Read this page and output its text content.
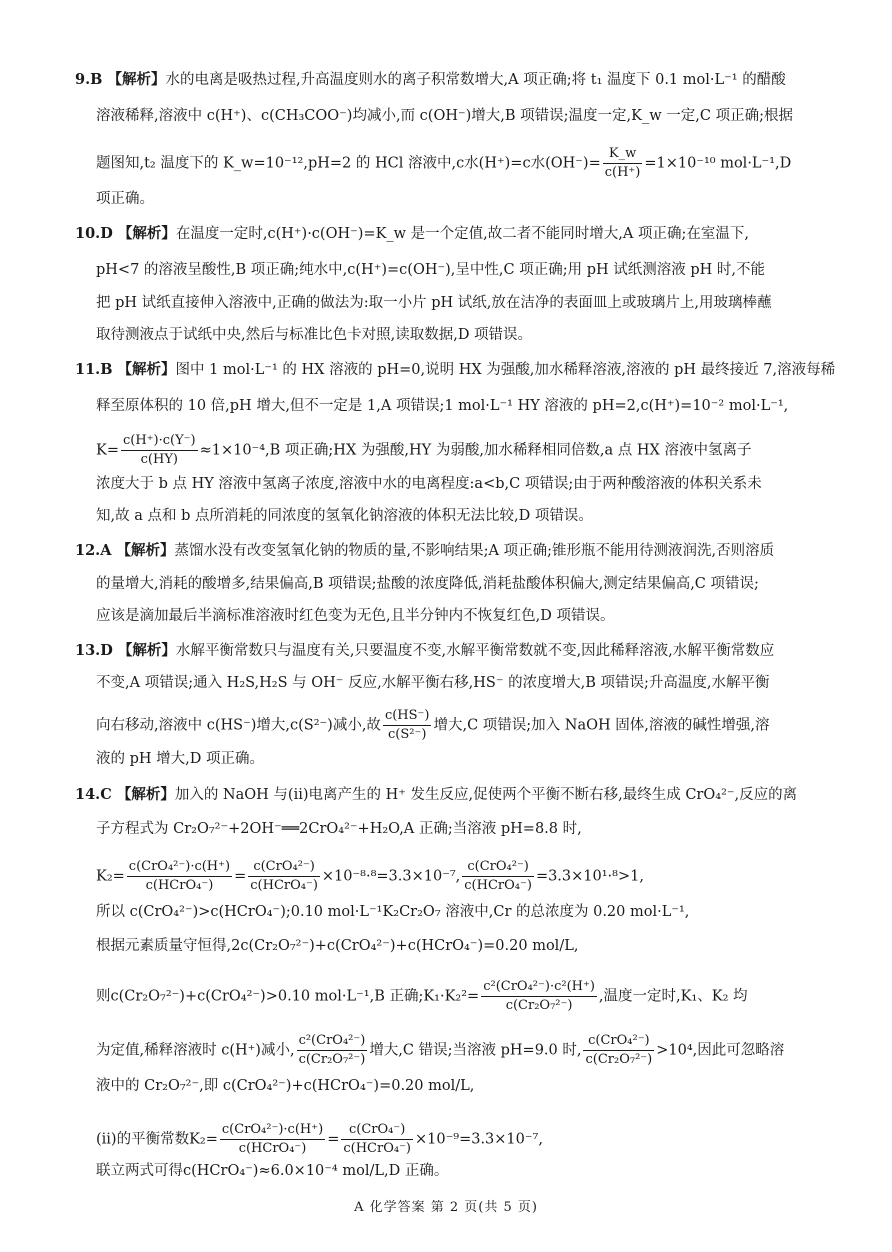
9.B 【解析】水的电离是吸热过程,升高温度则水的离子积常数增大,A 项正确;将 t₁ 温度下 0.1 mol·L⁻¹ 的醋酸
溶液稀释,溶液中 c(H⁺)、c(CH₃COO⁻)均减小,而 c(OH⁻)增大,B 项错误;温度一定,K_w 一定,C 项正确;根据
题图知,t₂ 温度下的 K_w=10⁻¹²,pH=2 的 HCl 溶液中,c水(H⁺)=c水$(OH^-)= \frac{K\_w}{c(H^+)} =1\times 10^{-10}$ mol·L⁻¹,D
项正确。
10.D 【解析】在温度一定时,c(H⁺)·c(OH⁻)=K_w 是一个定值,故二者不能同时增大,A 项正确;在室温下,
pH<7 的溶液呈酸性,B 项正确;纯水中,c(H⁺)=c(OH⁻),呈中性,C 项正确;用 pH 试纸测溶液 pH 时,不能
把 pH 试纸直接伸入溶液中,正确的做法为:取一小片 pH 试纸,放在洁净的表面皿上或玻璃片上,用玻璃棒蘸
取待测液点于试纸中央,然后与标准比色卡对照,读取数据,D 项错误。
11.B 【解析】图中 1 mol·L⁻¹ 的 HX 溶液的 pH=0,说明 HX 为强酸,加水稀释溶液,溶液的 pH 最终接近 7,溶液每稀
释至原体积的 10 倍,pH 增大,但不一定是 1,A 项错误;1 mol·L⁻¹ HY 溶液的 pH=2,c(H⁺)=10⁻² mol·L⁻¹,
$K= \frac{c(H^+)\cdot c(Y^-)}{c(HY)} \approx 1\times 10^{-4},B$ 项正确;HX 为强酸,HY 为弱酸,加水稀释相同倍数,a 点 HX 溶液中氢离子
浓度大于 b 点 HY 溶液中氢离子浓度,溶液中水的电离程度:a<b,C 项错误;由于两种酸溶液的体积关系未
知,故 a 点和 b 点所消耗的同浓度的氢氧化钠溶液的体积无法比较,D 项错误。
12.A 【解析】蒸馏水没有改变氢氧化钠的物质的量,不影响结果;A 项正确;锥形瓶不能用待测液润洗,否则溶质
的量增大,消耗的酸增多,结果偏高,B 项错误;盐酸的浓度降低,消耗盐酸体积偏大,测定结果偏高,C 项错误;
应该是滴加最后半滴标准溶液时红色变为无色,且半分钟内不恢复红色,D 项错误。
13.D 【解析】水解平衡常数只与温度有关,只要温度不变,水解平衡常数就不变,因此稀释溶液,水解平衡常数应
不变,A 项错误;通入 H₂S,H₂S 与 OH⁻ 反应,水解平衡右移,HS⁻ 的浓度增大,B 项错误;升高温度,水解平衡
向右移动,溶液中 c(HS⁻)增大,c(S²⁻)减小,故 $\frac{c(HS^-)}{\text{c(S²⁻)}}$ 增大,C 项错误;加入 NaOH 固体,溶液的碱性增强,溶
液的 pH 增大,D 项正确。
14.C 【解析】加入的 NaOH 与(ⅱ)电离产生的 H⁺ 发生反应,促使两个平衡不断右移,最终生成 CrO₄²⁻,反应的离
子方程式为 Cr₂O₇²⁻+2OH⁻══2CrO₄²⁻+H₂O,A 正确;当溶液 pH=8.8 时,
$K_2= \frac{\text{c(CrO₄²⁻)·c(H⁺)}}{\text{c(HCrO₄⁻)}} = \frac{\text{c(CrO₄²⁻)}}{\text{c(HCrO₄⁻)}} \times 10^{-8}\cdot^8=3.3\times 10^{-7}$, $\frac{\text{c(CrO₄²⁻)}}{\text{c(HCrO₄⁻)}} =3.3\times 10^1\cdot^8>1$,
所以 c(CrO₄²⁻)>c(HCrO₄⁻);0.10 mol·L⁻¹K₂Cr₂O₇ 溶液中,Cr 的总浓度为 0.20 mol·L⁻¹,
根据元素质量守恒得,2c(Cr₂O₇²⁻)+c(CrO₄²⁻)+c(HCrO₄⁻)=0.20 mol/L,
则c(Cr₂O₇²⁻)+c(CrO₄²⁻)>0.10 mol·L⁻¹,B 正确;K₁·K₂²= $\frac{\text{c²(CrO₄²⁻)·c²(H⁺)}}{\text{c(Cr₂O₇²⁻)}}$ ,温度一定时,K₁、K₂ 均
为定值,稀释溶液时 c(H⁺)减小, $\frac{\text{c²(CrO₄²⁻)}}{\text{c(Cr₂O₇²⁻)}}$ 增大,C 错误;当溶液 pH=9.0 时, $\frac{\text{c(CrO₄²⁻)}}{\text{c(Cr₂O₇²⁻)}} >10^4$,因此可忽略溶
液中的 Cr₂O₇²⁻,即 c(CrO₄²⁻)+c(HCrO₄⁻)=0.20 mol/L,
(ⅱ)的平衡常数$K_2= \frac{\text{c(CrO₄²⁻)·c(H⁺)}}{\text{c(HCrO₄⁻)}} = \frac{\text{c(CrO₄⁻)}}{\text{c(HCrO₄⁻)}} \times 10^{-9}=3.3\times 10^{-7}$,
联立两式可得c(HCrO₄⁻)≈6.0×10⁻⁴ mol/L,D 正确。
A 化学答案 第 2 页(共 5 页)
